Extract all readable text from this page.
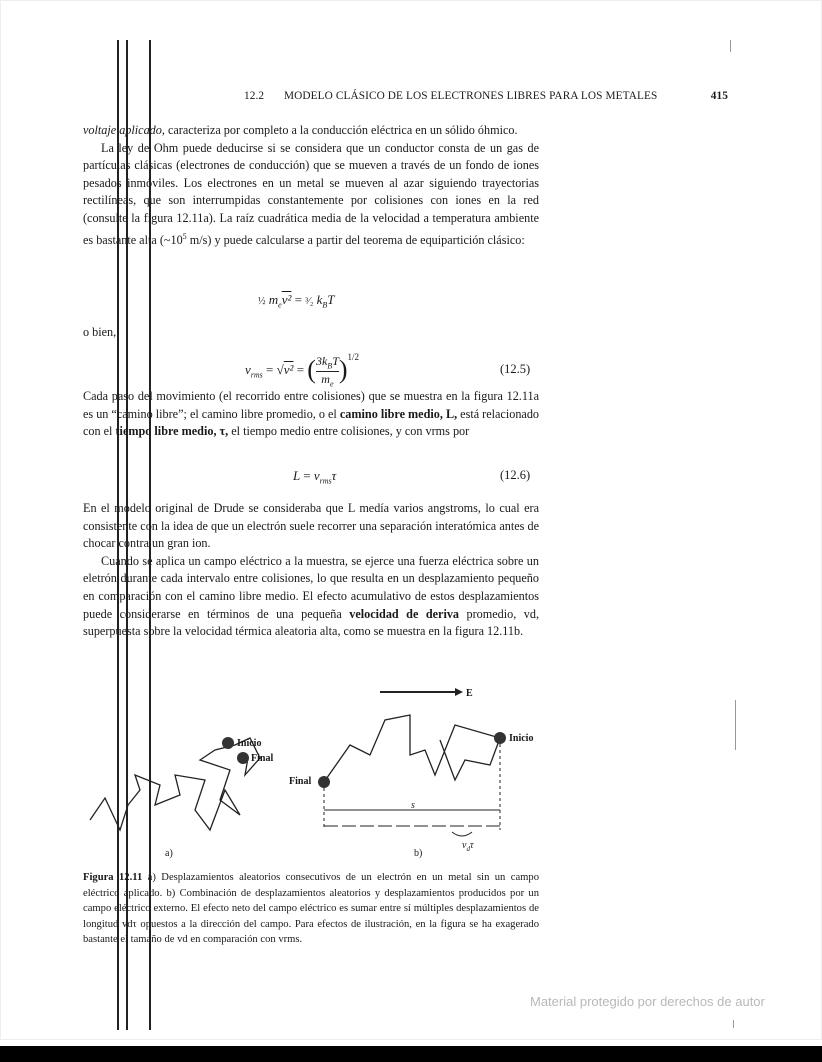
12.2 MODELO CLÁSICO DE LOS ELECTRONES LIBRES PARA LOS METALES	415

voltaje aplicado, caracteriza por completo a la conducción eléctrica en un sólido óhmico.

La ley de Ohm puede deducirse si se considera que un conductor consta de un gas de partículas clásicas (electrones de conducción) que se mueven a través de un fondo de iones pesados inmóviles. Los electrones en un metal se mueven al azar siguiendo trayectorias rectilíneas, que son interrumpidas constantemente por colisiones con iones en la red (consulte la figura 12.11a). La raíz cuadrática media de la velocidad a temperatura ambiente es bastante alta ($\sim 10^5$ m/s) y puede calcularse a partir del teorema de equipartición clásico:

½ $m_ev^2$ = ³⁄₂ $k_BT$

o bien,

$v_{rms} = √v^2$ = ( $3k_BT$
$m_e$ )$^{1/2}$
(12.5)

Cada paso del movimiento (el recorrido entre colisiones) que se muestra en la figura 12.11a es un “camino libre”; el camino libre promedio, o el camino libre medio, L, está relacionado con el tiempo libre medio, τ, el tiempo medio entre colisiones, y con vrms por

$L = v_{rms}\tau$	(12.6)

En el modelo original de Drude se consideraba que L medía varios angstroms, lo cual era consistente con la idea de que un electrón suele recorrer una separación interatómica antes de chocar contra un gran ion.

Cuando se aplica un campo eléctrico a la muestra, se ejerce una fuerza eléctrica sobre un eletrón durante cada intervalo entre colisiones, lo que resulta en un desplazamiento pequeño en comparación con el camino libre medio. El efecto acumulativo de estos desplazamientos puede considerarse en términos de una pequeña velocidad de deriva promedio, vd, superpuesta sobre la velocidad térmica aleatoria alta, como se muestra en la figura 12.11b.

Inicio
Final
Inicio
Final
E
s
$v_d\tau$
a)	b)
Figura 12.11 a) Desplazamientos aleatorios consecutivos de un electrón en un metal sin un campo eléctrico aplicado. b) Combinación de desplazamientos aleatorios y desplazamientos producidos por un campo eléctrico externo. El efecto neto del campo eléctrico es sumar entre sí múltiples desplazamientos de longitud vdτ opuestos a la dirección del campo. Para efectos de ilustración, en la figura se ha exagerado bastante el tamaño de vd en comparación con vrms.
Material protegido por derechos de autor
